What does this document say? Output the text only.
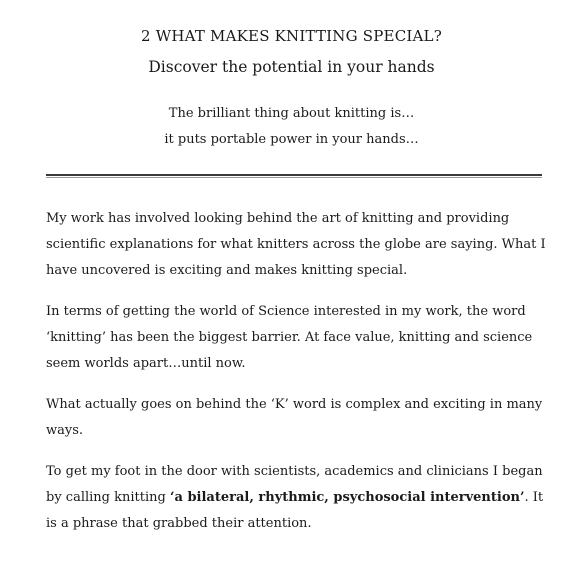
2 WHAT MAKES KNITTING SPECIAL?
Discover the potential in your hands
The brilliant thing about knitting is…
it puts portable power in your hands…

My work has involved looking behind the art of knitting and providing scientific explanations for what knitters across the globe are saying. What I have uncovered is exciting and makes knitting special.

In terms of getting the world of Science interested in my work, the word ‘knitting’ has been the biggest barrier. At face value, knitting and science seem worlds apart…until now.

What actually goes on behind the ‘K’ word is complex and exciting in many ways.

To get my foot in the door with scientists, academics and clinicians I began by calling knitting ‘a bilateral, rhythmic, psychosocial intervention’. It is a phrase that grabbed their attention.
